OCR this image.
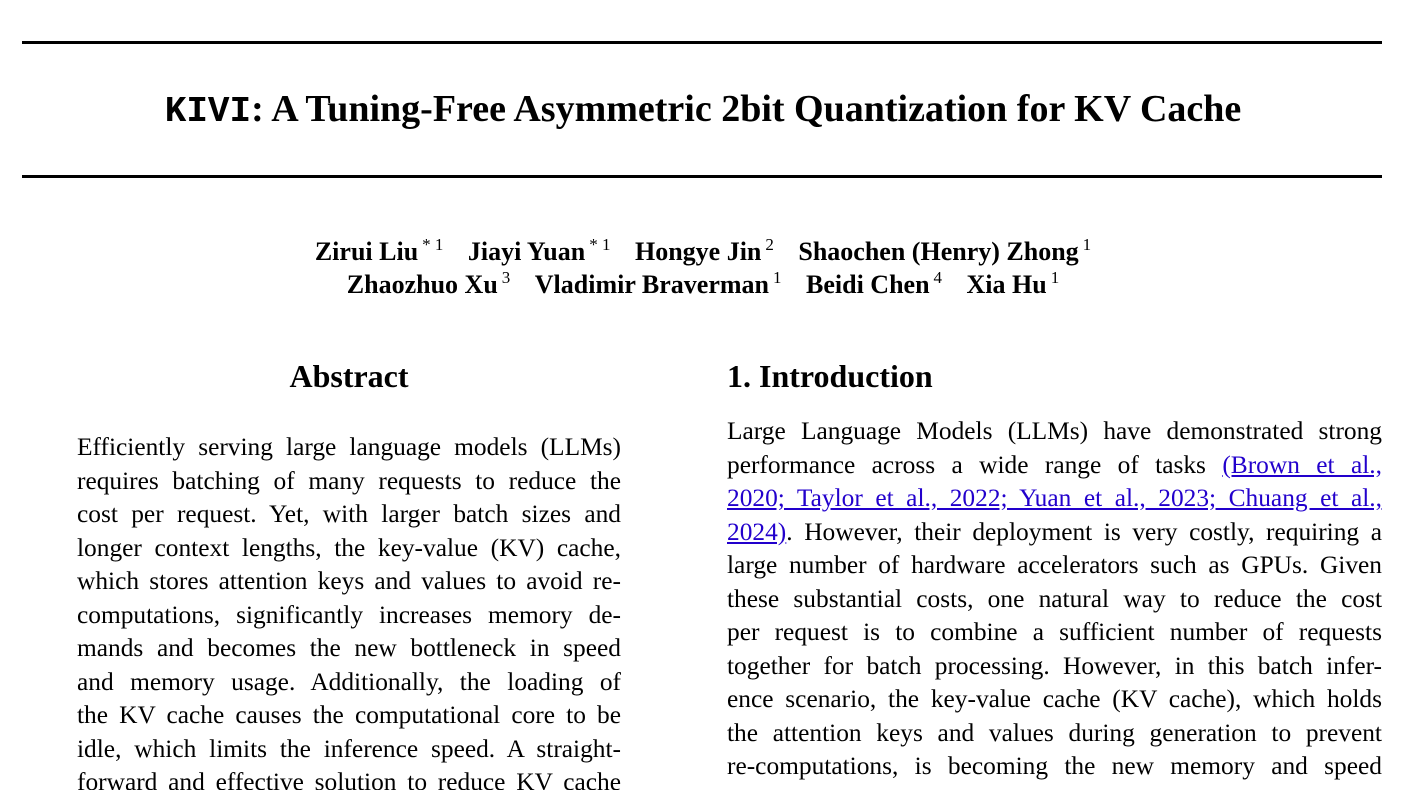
KIVI: A Tuning-Free Asymmetric 2bit Quantization for KV Cache
Zirui Liu $^{* 1}$ Jiayi Yuan $^{* 1}$ Hongye Jin $^2$ Shaochen (Henry) Zhong $^1$
Zhaozhuo Xu $^3$ Vladimir Braverman $^1$ Beidi Chen $^4$ Xia Hu $^1$
Abstract
Efficiently serving large language models (LLMs)
requires batching of many requests to reduce the
cost per request. Yet, with larger batch sizes and
longer context lengths, the key-value (KV) cache,
which stores attention keys and values to avoid re-
computations, significantly increases memory de-
mands and becomes the new bottleneck in speed
and memory usage. Additionally, the loading of
the KV cache causes the computational core to be
idle, which limits the inference speed. A straight-
forward and effective solution to reduce KV cache
1. Introduction
Large Language Models (LLMs) have demonstrated strong
performance across a wide range of tasks (Brown et al.,
2020; Taylor et al., 2022; Yuan et al., 2023; Chuang et al.,
2024). However, their deployment is very costly, requiring a
large number of hardware accelerators such as GPUs. Given
these substantial costs, one natural way to reduce the cost
per request is to combine a sufficient number of requests
together for batch processing. However, in this batch infer-
ence scenario, the key-value cache (KV cache), which holds
the attention keys and values during generation to prevent
re-computations, is becoming the new memory and speed
